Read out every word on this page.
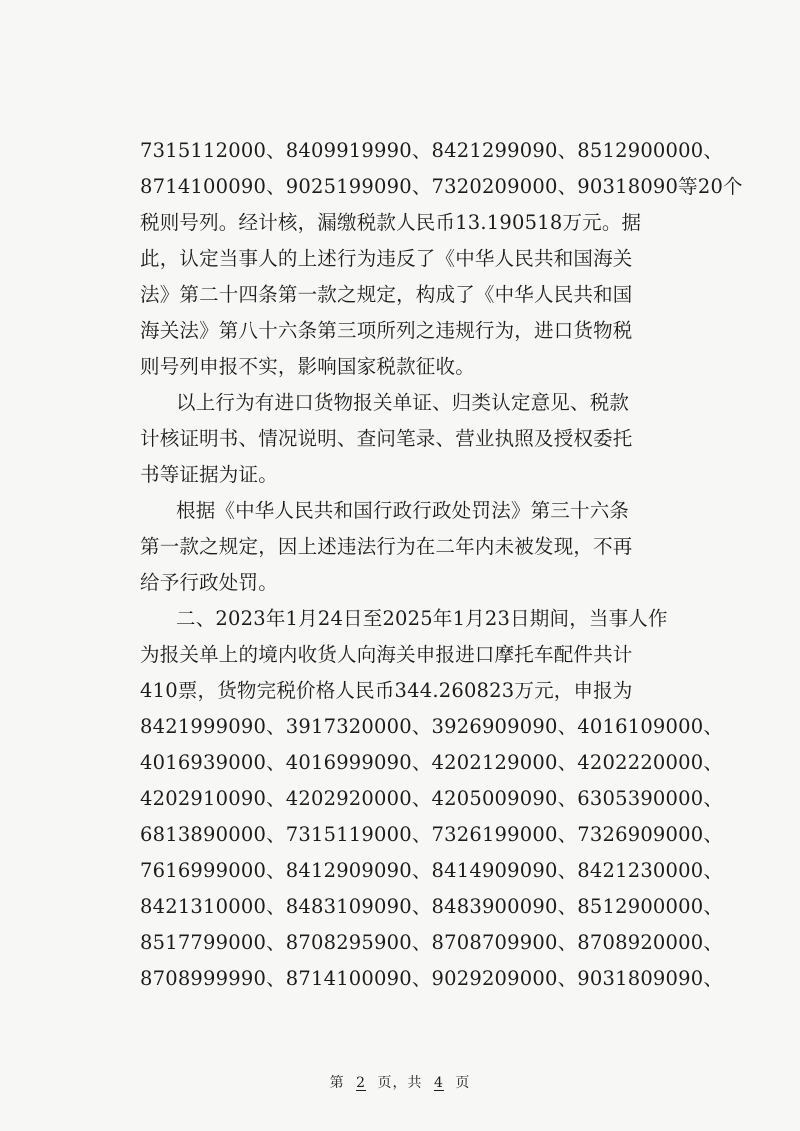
7315112000、8409919990、8421299090、8512900000、
8714100090、9025199090、7320209000、90318090等20个
税则号列。经计核，漏缴税款人民币13.190518万元。据
此，认定当事人的上述行为违反了《中华人民共和国海关
法》第二十四条第一款之规定，构成了《中华人民共和国
海关法》第八十六条第三项所列之违规行为，进口货物税
则号列申报不实，影响国家税款征收。
以上行为有进口货物报关单证、归类认定意见、税款
计核证明书、情况说明、查问笔录、营业执照及授权委托
书等证据为证。
根据《中华人民共和国行政行政处罚法》第三十六条
第一款之规定，因上述违法行为在二年内未被发现，不再
给予行政处罚。
二、2023年1月24日至2025年1月23日期间，当事人作
为报关单上的境内收货人向海关申报进口摩托车配件共计
410票，货物完税价格人民币344.260823万元，申报为
8421999090、3917320000、3926909090、4016109000、
4016939000、4016999090、4202129000、4202220000、
4202910090、4202920000、4205009090、6305390000、
6813890000、7315119000、7326199000、7326909000、
7616999000、8412909090、8414909090、8421230000、
8421310000、8483109090、8483900090、8512900000、
8517799000、8708295900、8708709900、8708920000、
8708999990、8714100090、9029209000、9031809090、
第 2 页，共 4 页
